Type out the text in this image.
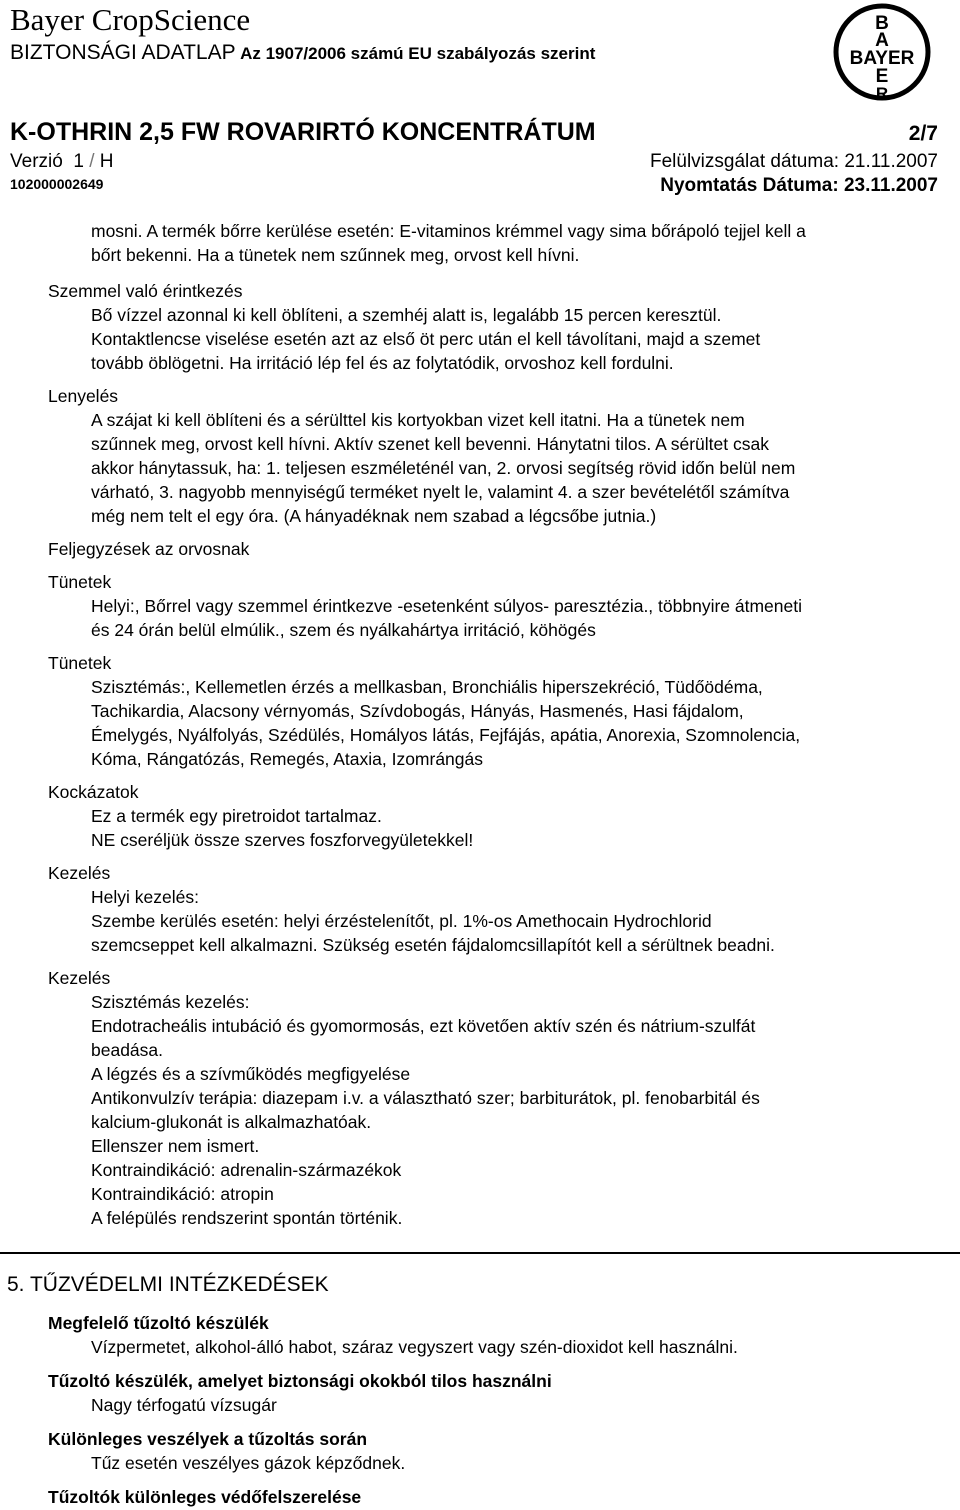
Bayer CropScience
BIZTONSÁGI ADATLAP Az 1907/2006 számú EU szabályozás szerint
B
A
BAYER
E
R
K-OTHRIN 2,5 FW ROVARIRTÓ KONCENTRÁTUM	2/7
Verzió 1 / H	Felülvizsgálat dátuma: 21.11.2007
102000002649	Nyomtatás Dátuma: 23.11.2007
mosni. A termék bőrre kerülése esetén: E-vitaminos krémmel vagy sima bőrápoló tejjel kell a
bőrt bekenni. Ha a tünetek nem szűnnek meg, orvost kell hívni.
Szemmel való érintkezés
Bő vízzel azonnal ki kell öblíteni, a szemhéj alatt is, legalább 15 percen keresztül.
Kontaktlencse viselése esetén azt az első öt perc után el kell távolítani, majd a szemet
tovább öblögetni. Ha irritáció lép fel és az folytatódik, orvoshoz kell fordulni.
Lenyelés
A szájat ki kell öblíteni és a sérülttel kis kortyokban vizet kell itatni. Ha a tünetek nem
szűnnek meg, orvost kell hívni. Aktív szenet kell bevenni. Hánytatni tilos. A sérültet csak
akkor hánytassuk, ha: 1. teljesen eszméleténél van, 2. orvosi segítség rövid időn belül nem
várható, 3. nagyobb mennyiségű terméket nyelt le, valamint 4. a szer bevételétől számítva
még nem telt el egy óra. (A hányadéknak nem szabad a légcsőbe jutnia.)
Feljegyzések az orvosnak
Tünetek
Helyi:, Bőrrel vagy szemmel érintkezve -esetenként súlyos- paresztézia., többnyire átmeneti
és 24 órán belül elmúlik., szem és nyálkahártya irritáció, köhögés
Tünetek
Szisztémás:, Kellemetlen érzés a mellkasban, Bronchiális hiperszekréció, Tüdőödéma,
Tachikardia, Alacsony vérnyomás, Szívdobogás, Hányás, Hasmenés, Hasi fájdalom,
Émelygés, Nyálfolyás, Szédülés, Homályos látás, Fejfájás, apátia, Anorexia, Szomnolencia,
Kóma, Rángatózás, Remegés, Ataxia, Izomrángás
Kockázatok
Ez a termék egy piretroidot tartalmaz.
NE cseréljük össze szerves foszforvegyületekkel!
Kezelés
Helyi kezelés:
Szembe kerülés esetén: helyi érzéstelenítőt, pl. 1%-os Amethocain Hydrochlorid
szemcseppet kell alkalmazni. Szükség esetén fájdalomcsillapítót kell a sérültnek beadni.
Kezelés
Szisztémás kezelés:
Endotracheális intubáció és gyomormosás, ezt követően aktív szén és nátrium-szulfát
beadása.
A légzés és a szívműködés megfigyelése
Antikonvulzív terápia: diazepam i.v. a választható szer; barbiturátok, pl. fenobarbitál és
kalcium-glukonát is alkalmazhatóak.
Ellenszer nem ismert.
Kontraindikáció: adrenalin-származékok
Kontraindikáció: atropin
A felépülés rendszerint spontán történik.
5. TŰZVÉDELMI INTÉZKEDÉSEK
Megfelelő tűzoltó készülék
Vízpermetet, alkohol-álló habot, száraz vegyszert vagy szén-dioxidot kell használni.
Tűzoltó készülék, amelyet biztonsági okokból tilos használni
Nagy térfogatú vízsugár
Különleges veszélyek a tűzoltás során
Tűz esetén veszélyes gázok képződnek.
Tűzoltók különleges védőfelszerelése
